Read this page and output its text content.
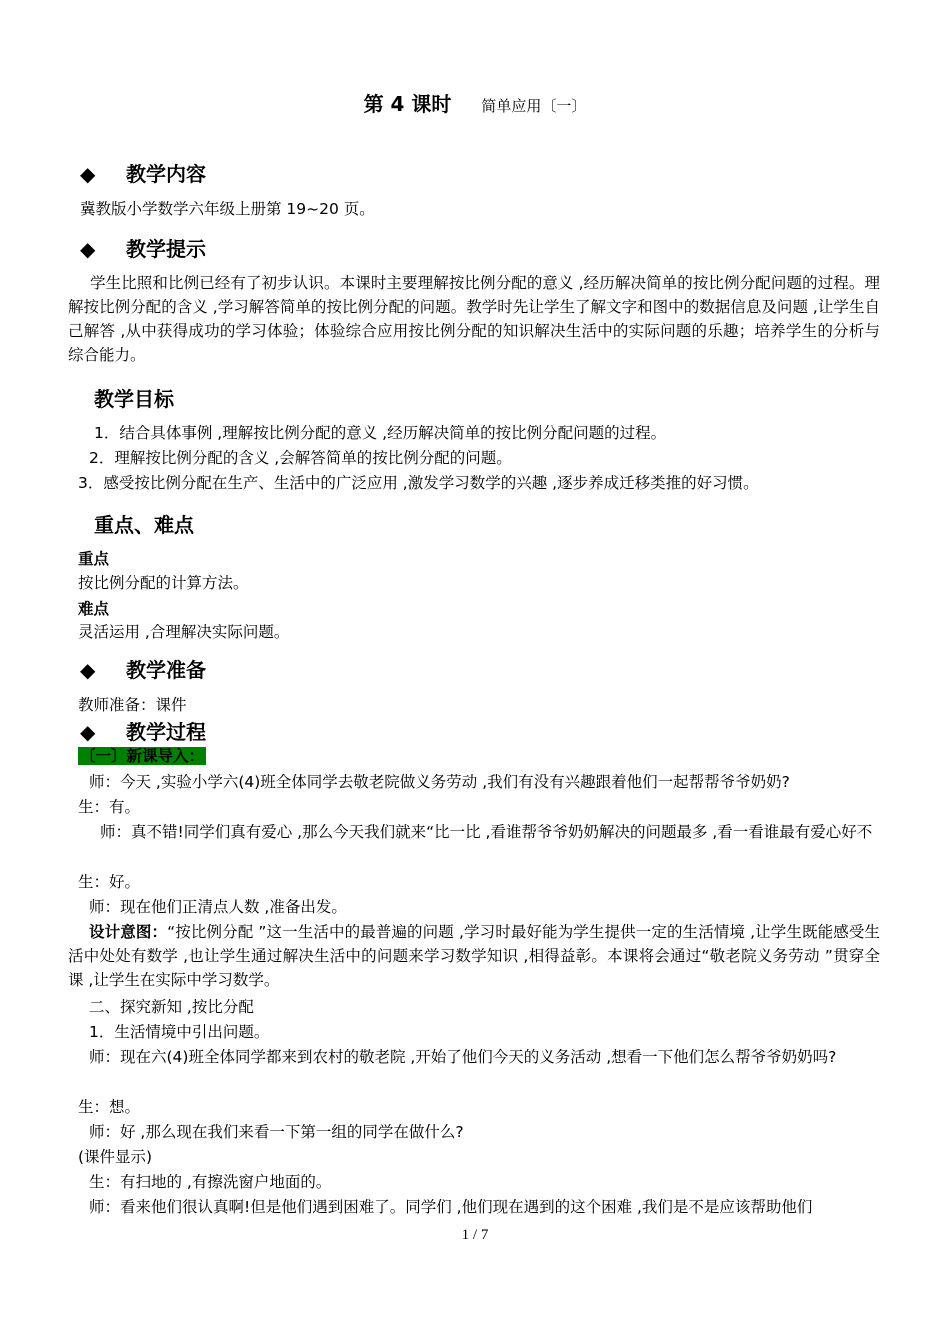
第 4 课时 简单应用〔一〕
◆ 教学内容
冀教版小学数学六年级上册第 19~20 页。
◆ 教学提示
学生比照和比例已经有了初步认识。本课时主要理解按比例分配的意义 ,经历解决简单的按比例分配问题的过程。理解按比例分配的含义 ,学习解答简单的按比例分配的问题。教学时先让学生了解文字和图中的数据信息及问题 ,让学生自己解答 ,从中获得成功的学习体验；体验综合应用按比例分配的知识解决生活中的实际问题的乐趣；培养学生的分析与综合能力。
教学目标
1．结合具体事例 ,理解按比例分配的意义 ,经历解决简单的按比例分配问题的过程。
2．理解按比例分配的含义 ,会解答简单的按比例分配的问题。
3．感受按比例分配在生产、生活中的广泛应用 ,激发学习数学的兴趣 ,逐步养成迁移类推的好习惯。
重点、难点
重点
按比例分配的计算方法。
难点
灵活运用 ,合理解决实际问题。
◆ 教学准备
教师准备：课件
◆ 教学过程
〔一〕新课导入：
师：今天 ,实验小学六(4)班全体同学去敬老院做义务劳动 ,我们有没有兴趣跟着他们一起帮帮爷爷奶奶?
生：有。
师：真不错!同学们真有爱心 ,那么今天我们就来“比一比 ,看谁帮爷爷奶奶解决的问题最多 ,看一看谁最有爱心好不
生：好。
师：现在他们正清点人数 ,准备出发。
设计意图：“按比例分配 ”这一生活中的最普遍的问题 ,学习时最好能为学生提供一定的生活情境 ,让学生既能感受生活中处处有数学 ,也让学生通过解决生活中的问题来学习数学知识 ,相得益彰。本课将会通过“敬老院义务劳动 ”贯穿全课 ,让学生在实际中学习数学。
二、探究新知 ,按比分配
1．生活情境中引出问题。
师：现在六(4)班全体同学都来到农村的敬老院 ,开始了他们今天的义务活动 ,想看一下他们怎么帮爷爷奶奶吗?
生：想。
师：好 ,那么现在我们来看一下第一组的同学在做什么?
(课件显示)
生：有扫地的 ,有擦洗窗户地面的。
师：看来他们很认真啊!但是他们遇到困难了。同学们 ,他们现在遇到的这个困难 ,我们是不是应该帮助他们
1 / 7
